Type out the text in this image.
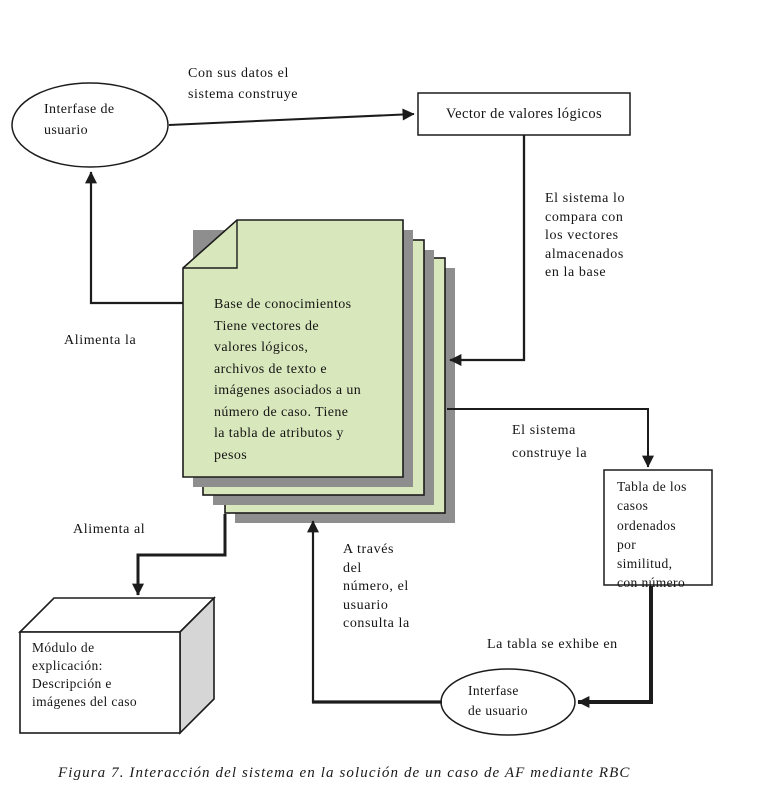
Interfase de
usuario
Vector de valores lógicos
Base de conocimientos
Tiene vectores de
valores lógicos,
archivos de texto e
imágenes asociados a un
número de caso. Tiene
la tabla de atributos y
pesos
Tabla de los
casos
ordenados
por
similitud,
con número
Módulo de
explicación:
Descripción e
imágenes del caso
Interfase
de usuario
Con sus datos el
sistema construye
El sistema lo
compara con
los vectores
almacenados
en la base
Alimenta la
El sistema
construye la
Alimenta al
A través
del
número, el
usuario
consulta la
La tabla se exhibe en
Figura 7. Interacción del sistema en la solución de un caso de AF mediante RBC
